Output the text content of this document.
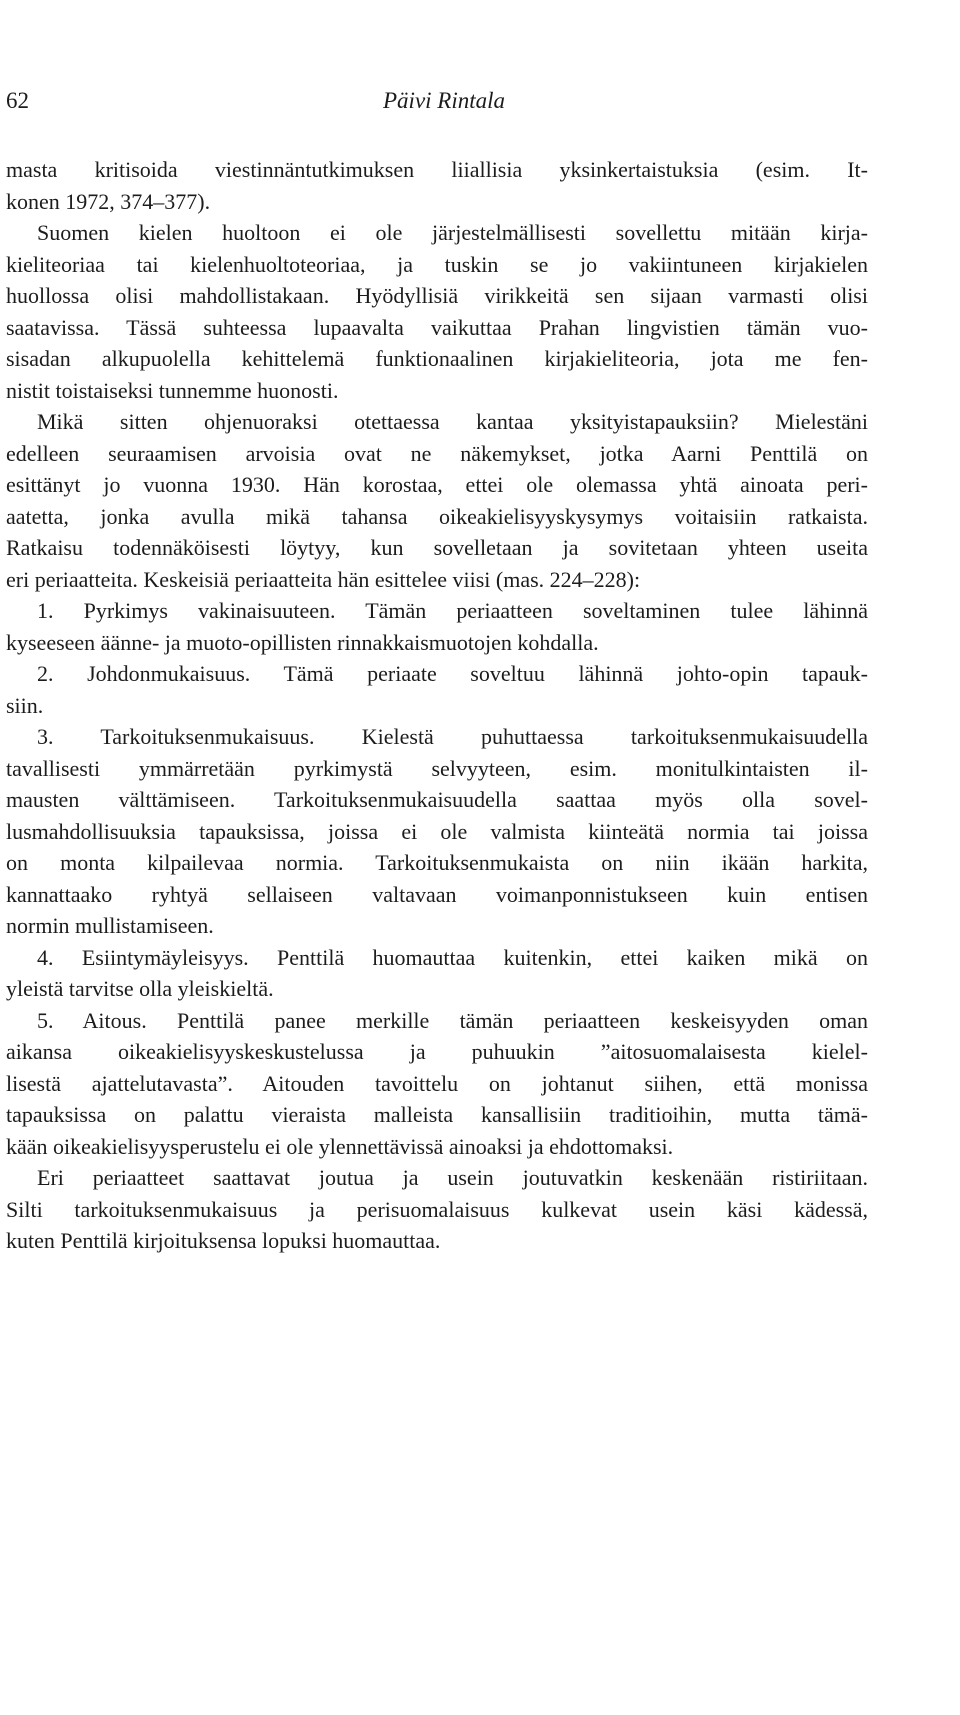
62	Päivi Rintala
masta kritisoida viestinnäntutkimuksen liiallisia yksinkertaistuksia (esim. It-
konen 1972, 374–377).
Suomen kielen huoltoon ei ole järjestelmällisesti sovellettu mitään kirja-
kieliteoriaa tai kielenhuoltoteoriaa, ja tuskin se jo vakiintuneen kirjakielen
huollossa olisi mahdollistakaan. Hyödyllisiä virikkeitä sen sijaan varmasti olisi
saatavissa. Tässä suhteessa lupaavalta vaikuttaa Prahan lingvistien tämän vuo-
sisadan alkupuolella kehittelemä funktionaalinen kirjakieliteoria, jota me fen-
nistit toistaiseksi tunnemme huonosti.
Mikä sitten ohjenuoraksi otettaessa kantaa yksityistapauksiin? Mielestäni
edelleen seuraamisen arvoisia ovat ne näkemykset, jotka Aarni Penttilä on
esittänyt jo vuonna 1930. Hän korostaa, ettei ole olemassa yhtä ainoata peri-
aatetta, jonka avulla mikä tahansa oikeakielisyyskysymys voitaisiin ratkaista.
Ratkaisu todennäköisesti löytyy, kun sovelletaan ja sovitetaan yhteen useita
eri periaatteita. Keskeisiä periaatteita hän esittelee viisi (mas. 224–228):
1. Pyrkimys vakinaisuuteen. Tämän periaatteen soveltaminen tulee lähinnä
kyseeseen äänne- ja muoto-opillisten rinnakkaismuotojen kohdalla.
2. Johdonmukaisuus. Tämä periaate soveltuu lähinnä johto-opin tapauk-
siin.
3. Tarkoituksenmukaisuus. Kielestä puhuttaessa tarkoituksenmukaisuudella
tavallisesti ymmärretään pyrkimystä selvyyteen, esim. monitulkintaisten il-
mausten välttämiseen. Tarkoituksenmukaisuudella saattaa myös olla sovel-
lusmahdollisuuksia tapauksissa, joissa ei ole valmista kiinteätä normia tai joissa
on monta kilpailevaa normia. Tarkoituksenmukaista on niin ikään harkita,
kannattaako ryhtyä sellaiseen valtavaan voimanponnistukseen kuin entisen
normin mullistamiseen.
4. Esiintymäyleisyys. Penttilä huomauttaa kuitenkin, ettei kaiken mikä on
yleistä tarvitse olla yleiskieltä.
5. Aitous. Penttilä panee merkille tämän periaatteen keskeisyyden oman
aikansa oikeakielisyyskeskustelussa ja puhuukin ”aitosuomalaisesta kielel-
lisestä ajattelutavasta”. Aitouden tavoittelu on johtanut siihen, että monissa
tapauksissa on palattu vieraista malleista kansallisiin traditioihin, mutta tämä-
kään oikeakielisyysperustelu ei ole ylennettävissä ainoaksi ja ehdottomaksi.
Eri periaatteet saattavat joutua ja usein joutuvatkin keskenään ristiriitaan.
Silti tarkoituksenmukaisuus ja perisuomalaisuus kulkevat usein käsi kädessä,
kuten Penttilä kirjoituksensa lopuksi huomauttaa.
